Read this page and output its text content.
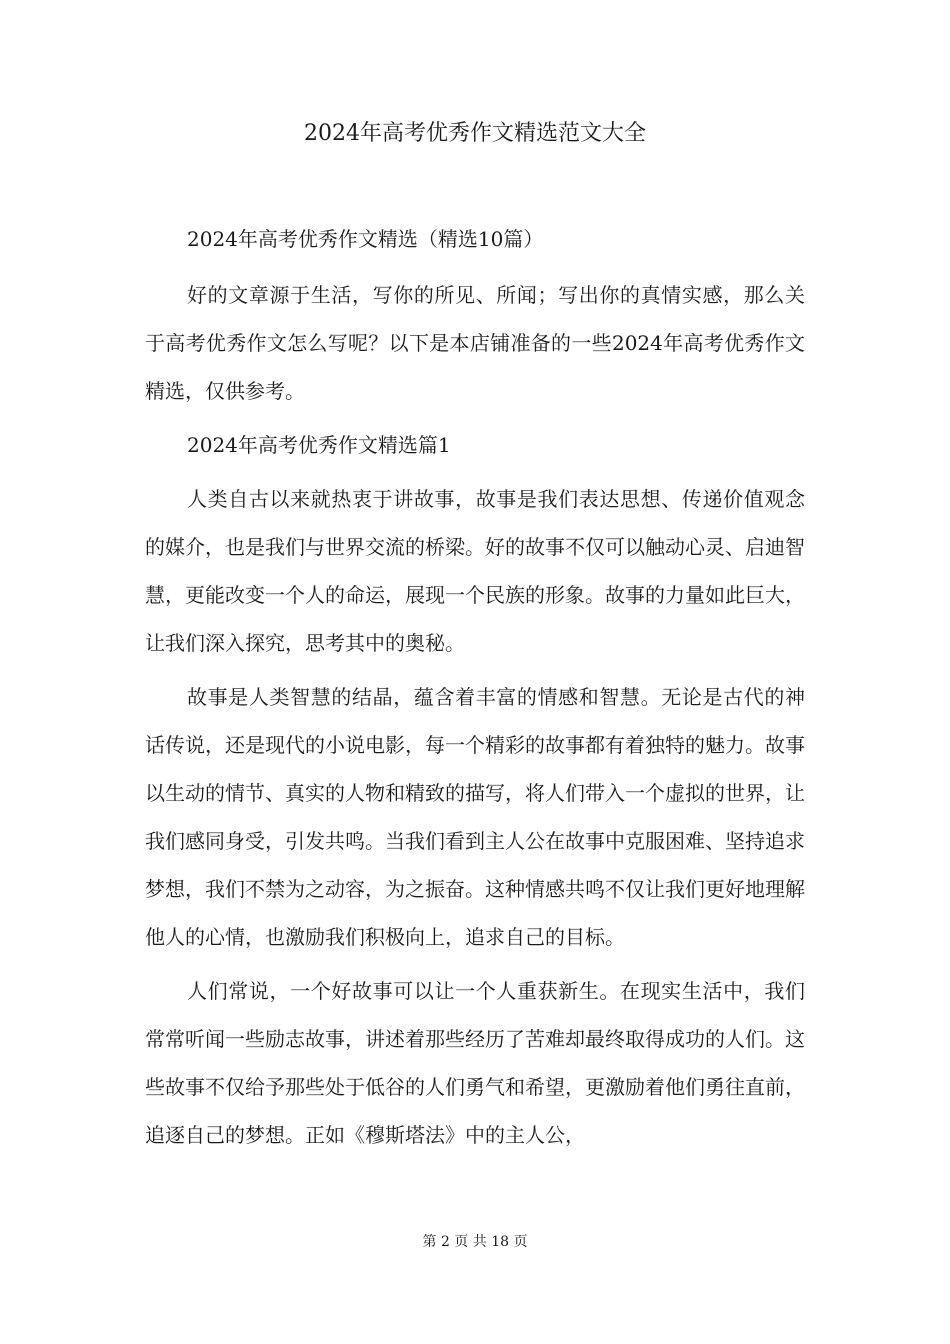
2024年高考优秀作文精选范文大全

2024年高考优秀作文精选（精选10篇）

好的文章源于生活，写你的所见、所闻；写出你的真情实感，那么关于高考优秀作文怎么写呢？以下是本店铺准备的一些2024年高考优秀作文精选，仅供参考。

2024年高考优秀作文精选篇1

人类自古以来就热衷于讲故事，故事是我们表达思想、传递价值观念的媒介，也是我们与世界交流的桥梁。好的故事不仅可以触动心灵、启迪智慧，更能改变一个人的命运，展现一个民族的形象。故事的力量如此巨大，让我们深入探究，思考其中的奥秘。

故事是人类智慧的结晶，蕴含着丰富的情感和智慧。无论是古代的神话传说，还是现代的小说电影，每一个精彩的故事都有着独特的魅力。故事以生动的情节、真实的人物和精致的描写，将人们带入一个虚拟的世界，让我们感同身受，引发共鸣。当我们看到主人公在故事中克服困难、坚持追求梦想，我们不禁为之动容，为之振奋。这种情感共鸣不仅让我们更好地理解他人的心情，也激励我们积极向上，追求自己的目标。

人们常说，一个好故事可以让一个人重获新生。在现实生活中，我们常常听闻一些励志故事，讲述着那些经历了苦难却最终取得成功的人们。这些故事不仅给予那些处于低谷的人们勇气和希望，更激励着他们勇往直前，追逐自己的梦想。正如《穆斯塔法》中的主人公，

第 2 页 共 18 页
